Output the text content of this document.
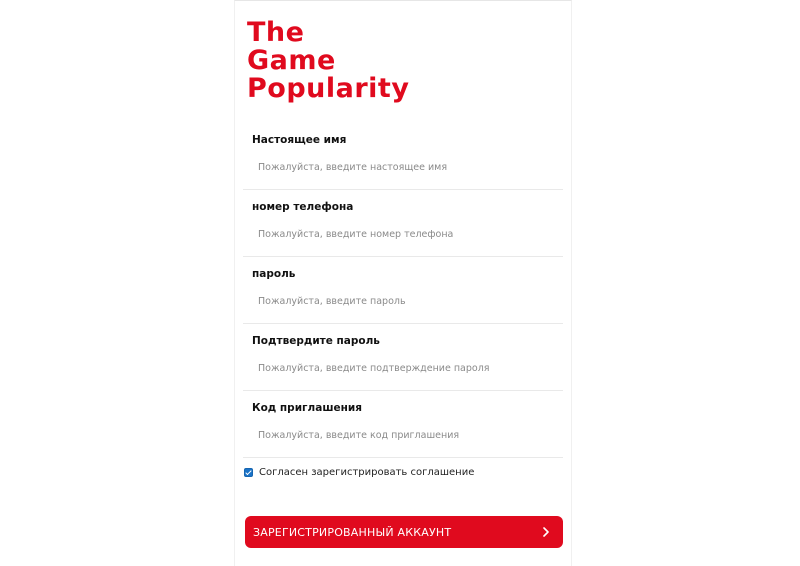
The
Game
Popularity
Настоящее имя
Пожалуйста, введите настоящее имя
номер телефона
Пожалуйста, введите номер телефона
пароль
Подтвердите пароль
Код приглашения
Пожалуйста, введите код приглашения
Согласен зарегистрировать соглашение
ЗАРЕГИСТРИРОВАННЫЙ АККАУНТ
